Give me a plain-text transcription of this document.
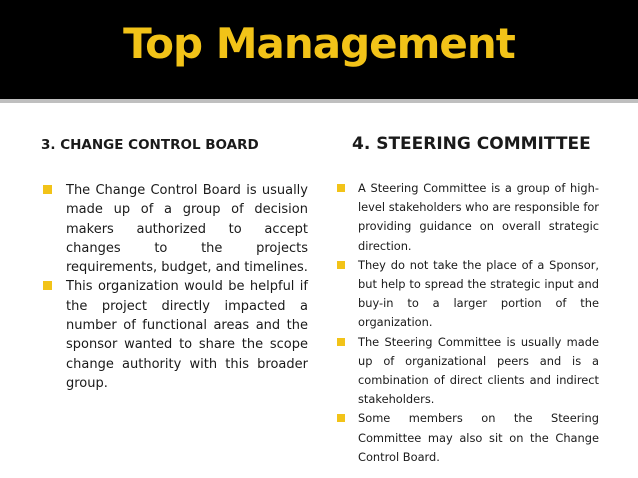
Top Management
3. CHANGE CONTROL BOARD	4. STEERING COMMITTEE
The Change Control Board is usually made up of a group of decision makers authorized to accept changes to the projects requirements, budget, and timelines.
This organization would be helpful if the project directly impacted a number of functional areas and the sponsor wanted to share the scope change authority with this broader group.
A Steering Committee is a group of high-level stakeholders who are responsible for providing guidance on overall strategic direction.
They do not take the place of a Sponsor, but help to spread the strategic input and buy-in to a larger portion of the organization.
The Steering Committee is usually made up of organizational peers and is a combination of direct clients and indirect stakeholders.
Some members on the Steering Committee may also sit on the Change Control Board.
